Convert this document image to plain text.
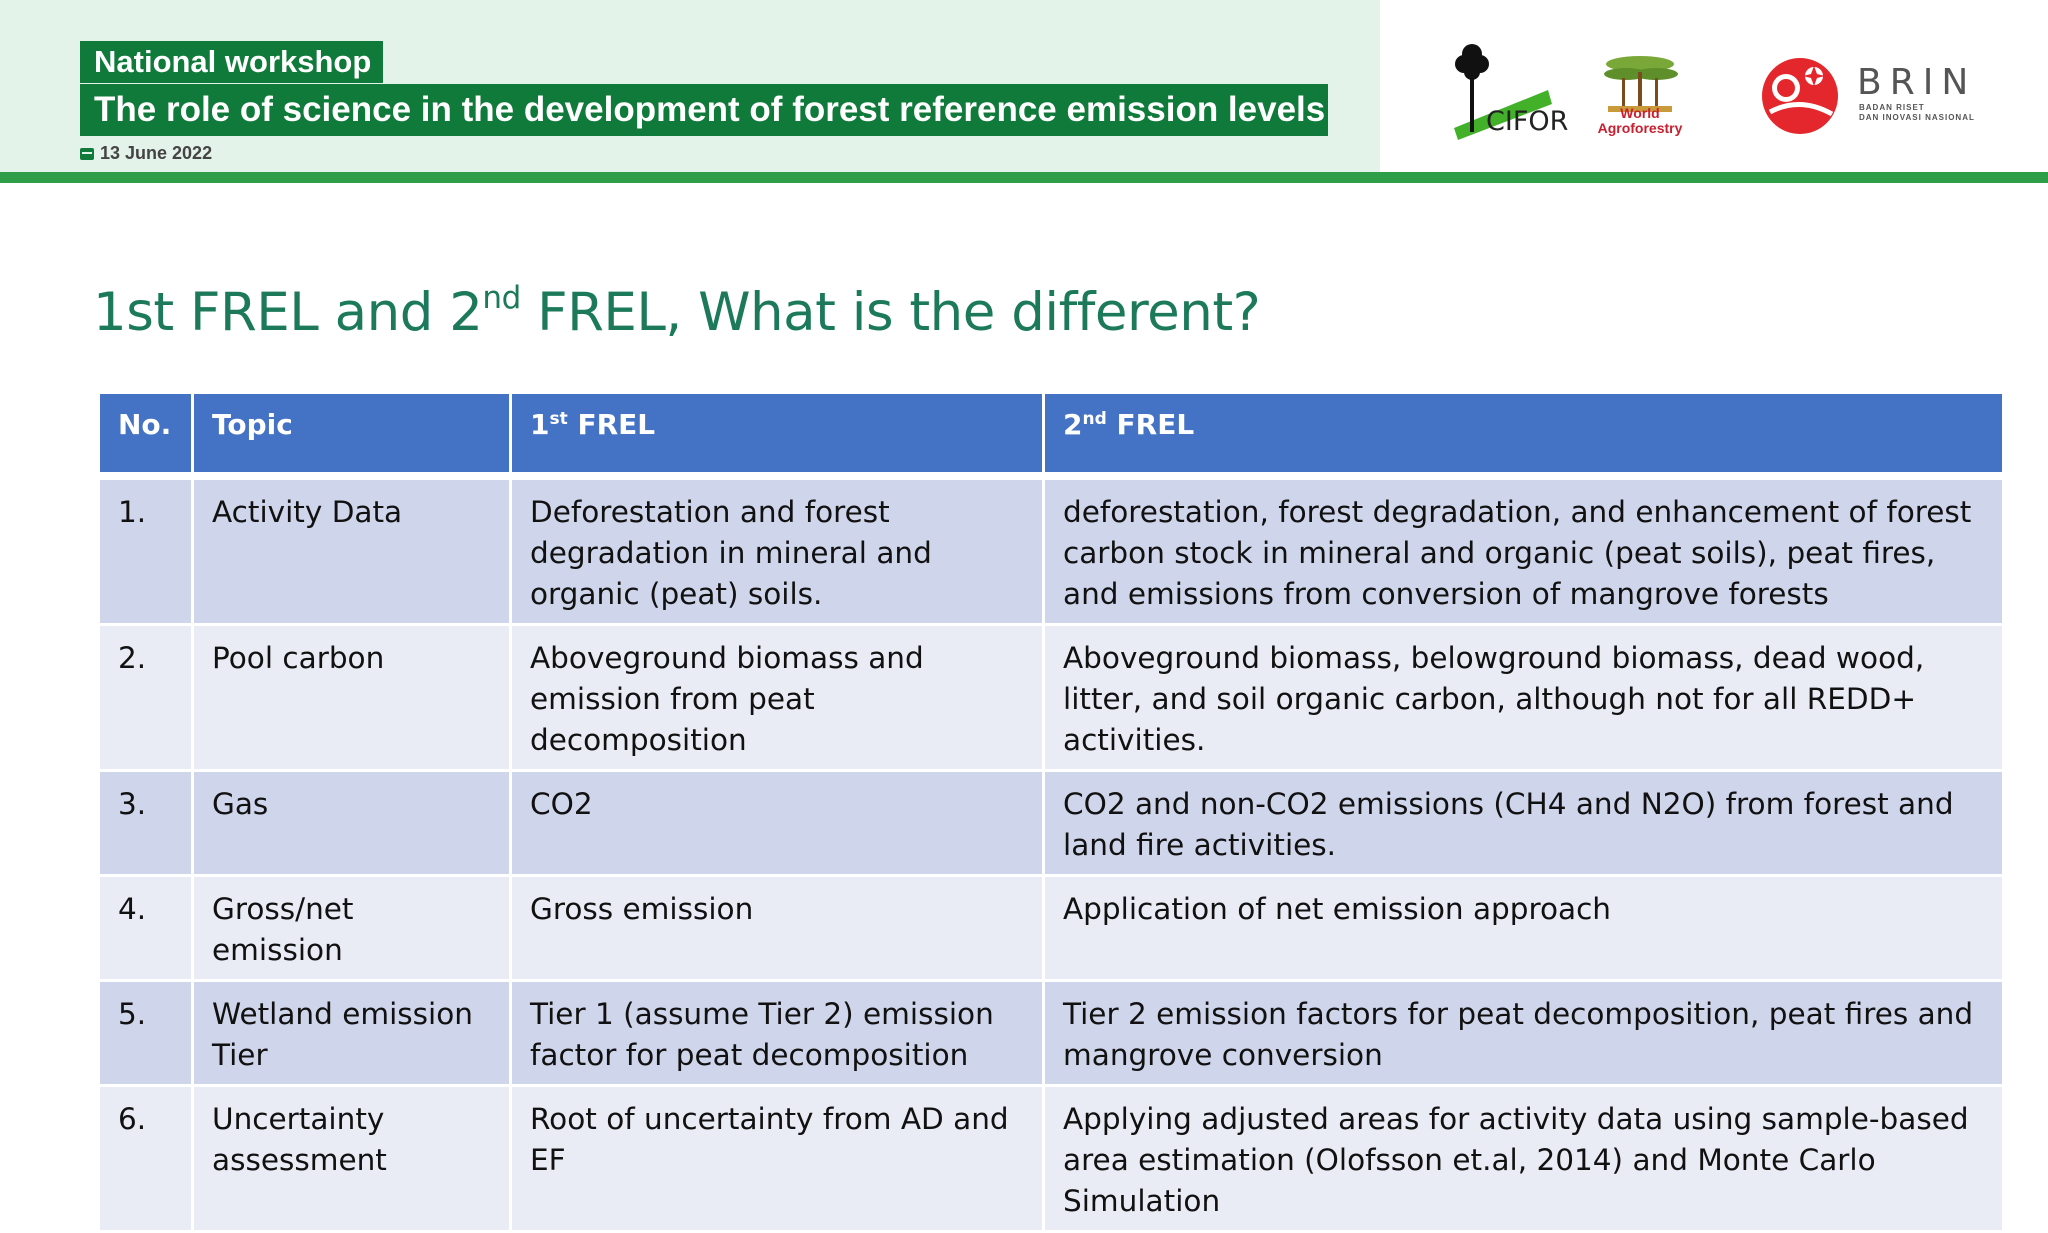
National workshop
The role of science in the development of forest reference emission levels
13 June 2022
CIFOR	World
Agroforestry
BRIN
BADAN RISET
DAN INOVASI NASIONAL
1st FREL and 2nd FREL, What is the different?
No.	Topic	1st FREL	2nd FREL
1.	Activity Data	Deforestation and forest degradation in mineral and organic (peat) soils.	deforestation, forest degradation, and enhancement of forest carbon stock in mineral and organic (peat soils), peat fires, and emissions from conversion of mangrove forests
2.	Pool carbon	Aboveground biomass and emission from peat decomposition	Aboveground biomass, belowground biomass, dead wood, litter, and soil organic carbon, although not for all REDD+ activities.
3.	Gas	CO2	CO2 and non-CO2 emissions (CH4 and N2O) from forest and land fire activities.
4.	Gross/net emission	Gross emission	Application of net emission approach
5.	Wetland emission Tier	Tier 1 (assume Tier 2) emission factor for peat decomposition	Tier 2 emission factors for peat decomposition, peat fires and mangrove conversion
6.	Uncertainty assessment	Root of uncertainty from AD and EF	Applying adjusted areas for activity data using sample-based area estimation (Olofsson et.al, 2014) and Monte Carlo Simulation
